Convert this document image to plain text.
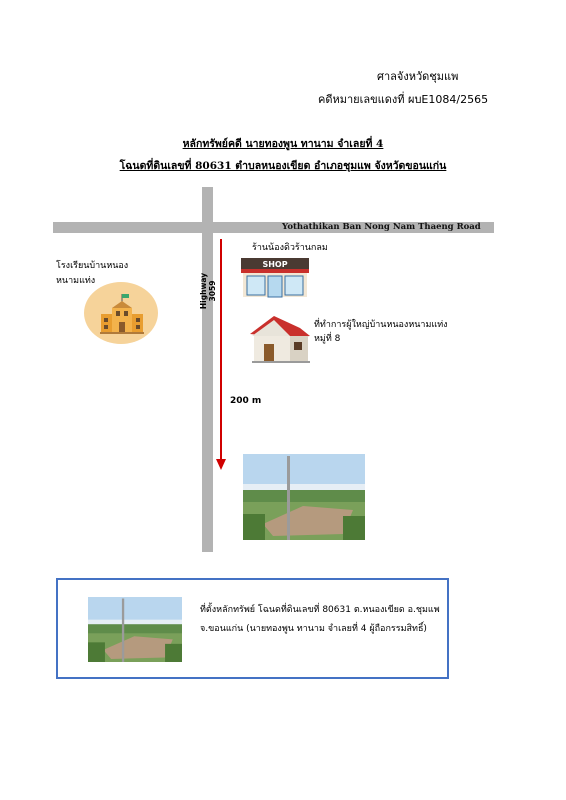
ศาลจังหวัดชุมแพ
คดีหมายเลขแดงที่ ผบE1084/2565
หลักทรัพย์คดี นายทองพูน ทานาม จำเลยที่ 4
โฉนดที่ดินเลขที่ 80631 ตำบลหนองเขียด อำเภอชุมแพ จังหวัดขอนแก่น
Yothathikan Ban Nong Nam Thaeng Road
Highway 3059
200 m
โรงเรียนบ้านหนองหนามแท่ง
ร้านน้องดิวร้านกลม
SHOP
ที่ทำการผู้ใหญ่บ้านหนองหนามแท่ง หมู่ที่ 8
ที่ตั้งหลักทรัพย์ โฉนดที่ดินเลขที่ 80631 ต.หนองเขียด อ.ชุมแพ จ.ขอนแก่น (นายทองพูน ทานาม จำเลยที่ 4 ผู้ถือกรรมสิทธิ์)
